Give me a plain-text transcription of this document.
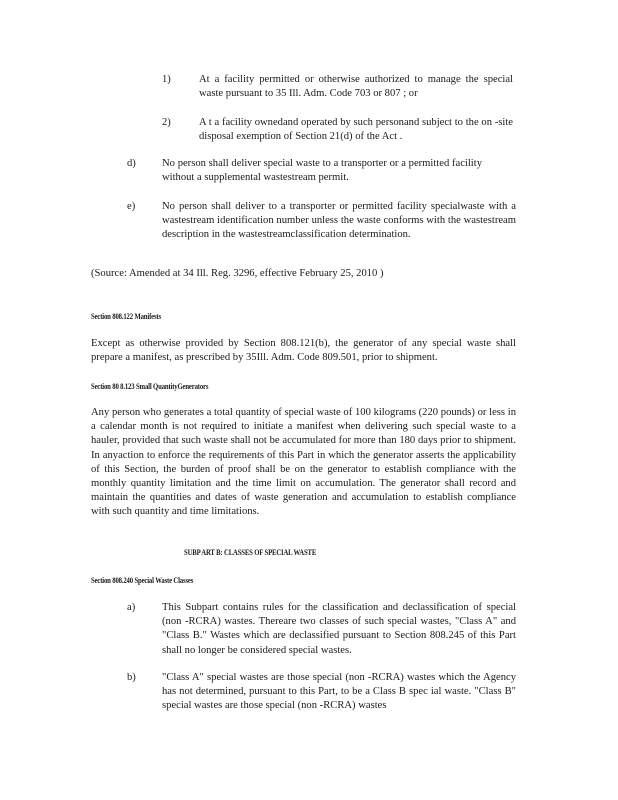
1)	At a facility permitted or otherwise authorized to manage the special waste pursuant to 35 Ill. Adm. Code 703 or 807 ; or
2)	A t a facility ownedand operated by such personand subject to the on -site disposal exemption of Section 21(d) of the Act .
d) No person shall deliver special waste to a transporter or a permitted facility without a supplemental wastestream permit.
e)	No person shall deliver to a transporter or permitted facility specialwaste with a wastestream identification number unless the waste conforms with the wastestream description in the wastestreamclassification determination.
(Source: Amended at 34 Ill. Reg. 3296, effective February 25, 2010 )
Section 808.122 Manifests
Except as otherwise provided by Section 808.121(b), the generator of any special waste shall prepare a manifest, as prescribed by 35Ill. Adm. Code 809.501, prior to shipment.
Section 80 8.123 Small QuantityGenerators
Any person who generates a total quantity of special waste of 100 kilograms (220 pounds) or less in a calendar month is not required to initiate a manifest when delivering such special waste to a hauler, provided that such waste shall not be accumulated for more than 180 days prior to shipment. In anyaction to enforce the requirements of this Part in which the generator asserts the applicability of this Section, the burden of proof shall be on the generator to establish compliance with the monthly quantity limitation and the time limit on accumulation. The generator shall record and maintain the quantities and dates of waste generation and accumulation to establish compliance with such quantity and time limitations.
SUBP ART B: CLASSES OF SPECIAL WASTE
Section 808.240 Special Waste Classes
a)	This Subpart contains rules for the classification and declassification of special (non -RCRA) wastes. Thereare two classes of such special wastes, "Class A" and "Class B." Wastes which are declassified pursuant to Section 808.245 of this Part shall no longer be considered special wastes.
b) "Class A" special wastes are those special (non -RCRA) wastes which the Agency has not determined, pursuant to this Part, to be a Class B spec ial waste. "Class B" special wastes are those special (non -RCRA) wastes
